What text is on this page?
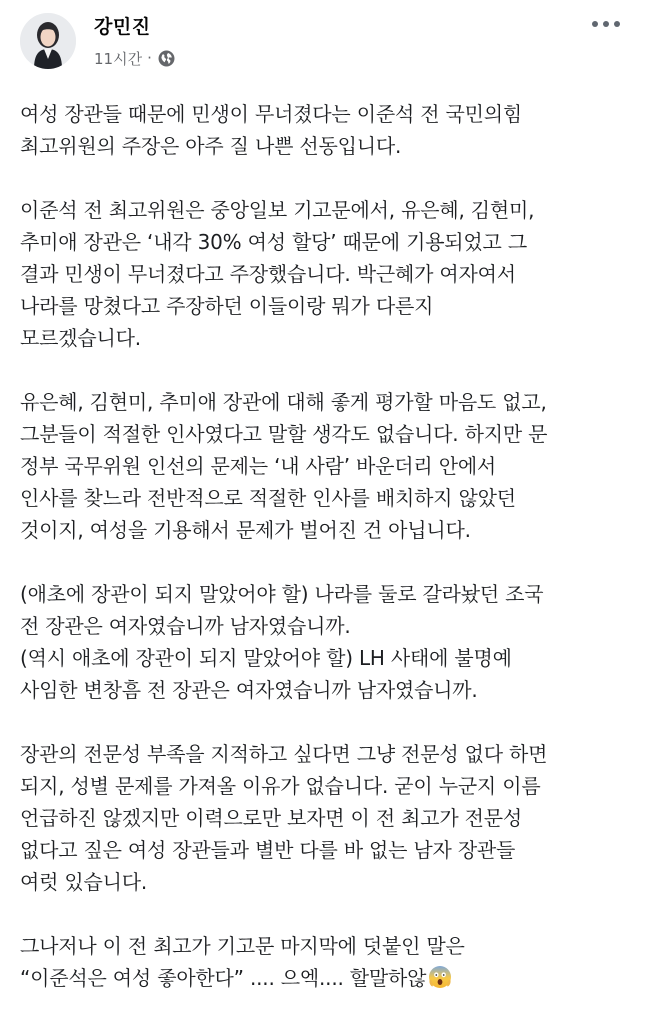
강민진
11시간 ·

여성 장관들 때문에 민생이 무너졌다는 이준석 전 국민의힘
최고위원의 주장은 아주 질 나쁜 선동입니다.

이준석 전 최고위원은 중앙일보 기고문에서, 유은혜, 김현미,
추미애 장관은 ‘내각 30% 여성 할당’ 때문에 기용되었고 그
결과 민생이 무너졌다고 주장했습니다. 박근혜가 여자여서
나라를 망쳤다고 주장하던 이들이랑 뭐가 다른지
모르겠습니다.

유은혜, 김현미, 추미애 장관에 대해 좋게 평가할 마음도 없고,
그분들이 적절한 인사였다고 말할 생각도 없습니다. 하지만 문
정부 국무위원 인선의 문제는 ‘내 사람’ 바운더리 안에서
인사를 찾느라 전반적으로 적절한 인사를 배치하지 않았던
것이지, 여성을 기용해서 문제가 벌어진 건 아닙니다.

(애초에 장관이 되지 말았어야 할) 나라를 둘로 갈라놨던 조국
전 장관은 여자였습니까 남자였습니까.
(역시 애초에 장관이 되지 말았어야 할) LH 사태에 불명예
사임한 변창흠 전 장관은 여자였습니까 남자였습니까.

장관의 전문성 부족을 지적하고 싶다면 그냥 전문성 없다 하면
되지, 성별 문제를 가져올 이유가 없습니다. 굳이 누군지 이름
언급하진 않겠지만 이력으로만 보자면 이 전 최고가 전문성
없다고 짚은 여성 장관들과 별반 다를 바 없는 남자 장관들
여럿 있습니다.

그나저나 이 전 최고가 기고문 마지막에 덧붙인 말은
“이준석은 여성 좋아한다” .... 으엑.... 할말하않
